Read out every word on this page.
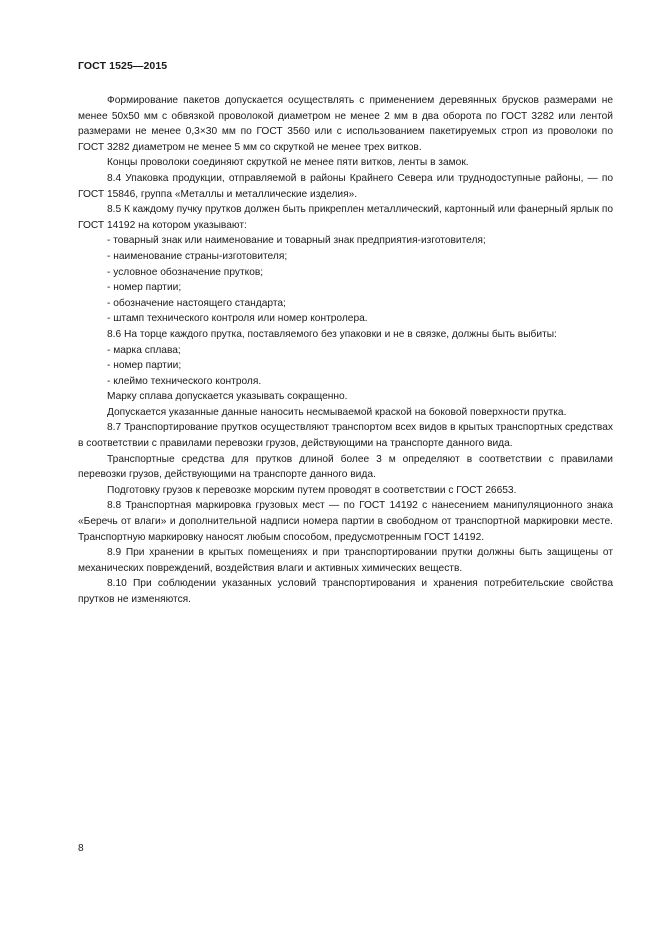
ГОСТ 1525—2015

Формирование пакетов допускается осуществлять с применением деревянных брусков размерами не менее 50х50 мм с обвязкой проволокой диаметром не менее 2 мм в два оборота по ГОСТ 3282 или лентой размерами не менее 0,3×30 мм по ГОСТ 3560 или с использованием пакетируемых строп из проволоки по ГОСТ 3282 диаметром не менее 5 мм со скруткой не менее трех витков.

Концы проволоки соединяют скруткой не менее пяти витков, ленты в замок.

8.4 Упаковка продукции, отправляемой в районы Крайнего Севера или труднодоступные районы, — по ГОСТ 15846, группа «Металлы и металлические изделия».

8.5 К каждому пучку прутков должен быть прикреплен металлический, картонный или фанерный ярлык по ГОСТ 14192 на котором указывают:

- товарный знак или наименование и товарный знак предприятия-изготовителя;

- наименование страны-изготовителя;

- условное обозначение прутков;

- номер партии;

- обозначение настоящего стандарта;

- штамп технического контроля или номер контролера.

8.6 На торце каждого прутка, поставляемого без упаковки и не в связке, должны быть выбиты:

- марка сплава;

- номер партии;

- клеймо технического контроля.

Марку сплава допускается указывать сокращенно.

Допускается указанные данные наносить несмываемой краской на боковой поверхности прутка.

8.7 Транспортирование прутков осуществляют транспортом всех видов в крытых транспортных средствах в соответствии с правилами перевозки грузов, действующими на транспорте данного вида.

Транспортные средства для прутков длиной более 3 м определяют в соответствии с правилами перевозки грузов, действующими на транспорте данного вида.

Подготовку грузов к перевозке морским путем проводят в соответствии с ГОСТ 26653.

8.8 Транспортная маркировка грузовых мест — по ГОСТ 14192 с нанесением манипуляционного знака «Беречь от влаги» и дополнительной надписи номера партии в свободном от транспортной маркировки месте. Транспортную маркировку наносят любым способом, предусмотренным ГОСТ 14192.

8.9 При хранении в крытых помещениях и при транспортировании прутки должны быть защищены от механических повреждений, воздействия влаги и активных химических веществ.

8.10 При соблюдении указанных условий транспортирования и хранения потребительские свойства прутков не изменяются.

8
